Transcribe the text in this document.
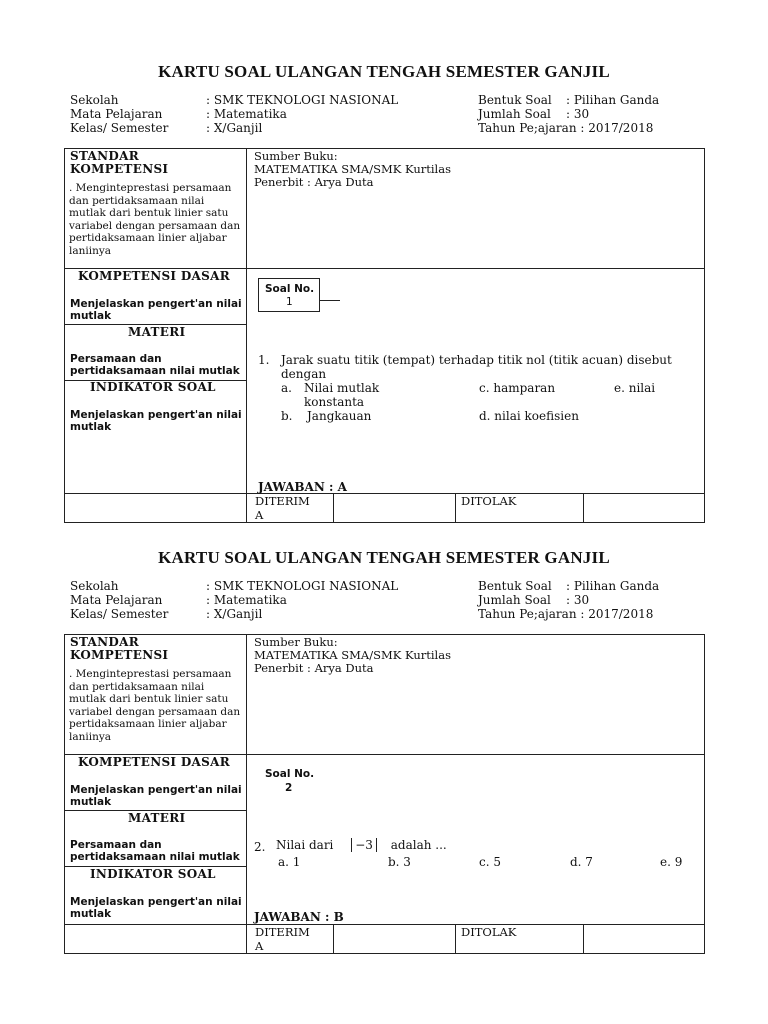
KARTU SOAL ULANGAN TENGAH SEMESTER GANJIL
Sekolah	: SMK TEKNOLOGI NASIONAL
Mata Pelajaran	: Matematika
Kelas/ Semester	: X/Ganjil
Bentuk Soal : Pilihan Ganda
Jumlah Soal : 30
Tahun Pe;ajaran : 2017/2018
STANDAR
KOMPETENSI
. Menginteprestasi persamaan dan pertidaksamaan nilai mutlak dari bentuk linier satu variabel dengan persamaan dan pertidaksamaan linier aljabar laniinya
Sumber Buku:
MATEMATIKA SMA/SMK Kurtilas
Penerbit : Arya Duta
KOMPETENSI DASAR
Menjelaskan pengert'an nilai mutlak
MATERI
Persamaan dan pertidaksamaan nilai mutlak
INDIKATOR SOAL
Menjelaskan pengert'an nilai mutlak
Soal No.
1
1. Jarak suatu titik (tempat) terhadap titik nol (titik acuan) disebut
dengan
a. Nilai mutlak	c. hamparan	e. nilai
konstanta
b. Jangkauan	d. nilai koefisien
JAWABAN : A
DITERIM
A
DITOLAK
KARTU SOAL ULANGAN TENGAH SEMESTER GANJIL
Sekolah	: SMK TEKNOLOGI NASIONAL
Mata Pelajaran	: Matematika
Kelas/ Semester	: X/Ganjil
Bentuk Soal : Pilihan Ganda
Jumlah Soal : 30
Tahun Pe;ajaran : 2017/2018
STANDAR
KOMPETENSI
. Menginteprestasi persamaan dan pertidaksamaan nilai mutlak dari bentuk linier satu variabel dengan persamaan dan pertidaksamaan linier aljabar laniinya
Sumber Buku:
MATEMATIKA SMA/SMK Kurtilas
Penerbit : Arya Duta
KOMPETENSI DASAR
Menjelaskan pengert'an nilai mutlak
MATERI
Persamaan dan pertidaksamaan nilai mutlak
INDIKATOR SOAL
Menjelaskan pengert'an nilai mutlak
Soal No.
2
2. Nilai dari −3 adalah ...
a. 1	b. 3	c. 5	d. 7	e. 9
JAWABAN : B
DITERIM
A
DITOLAK
